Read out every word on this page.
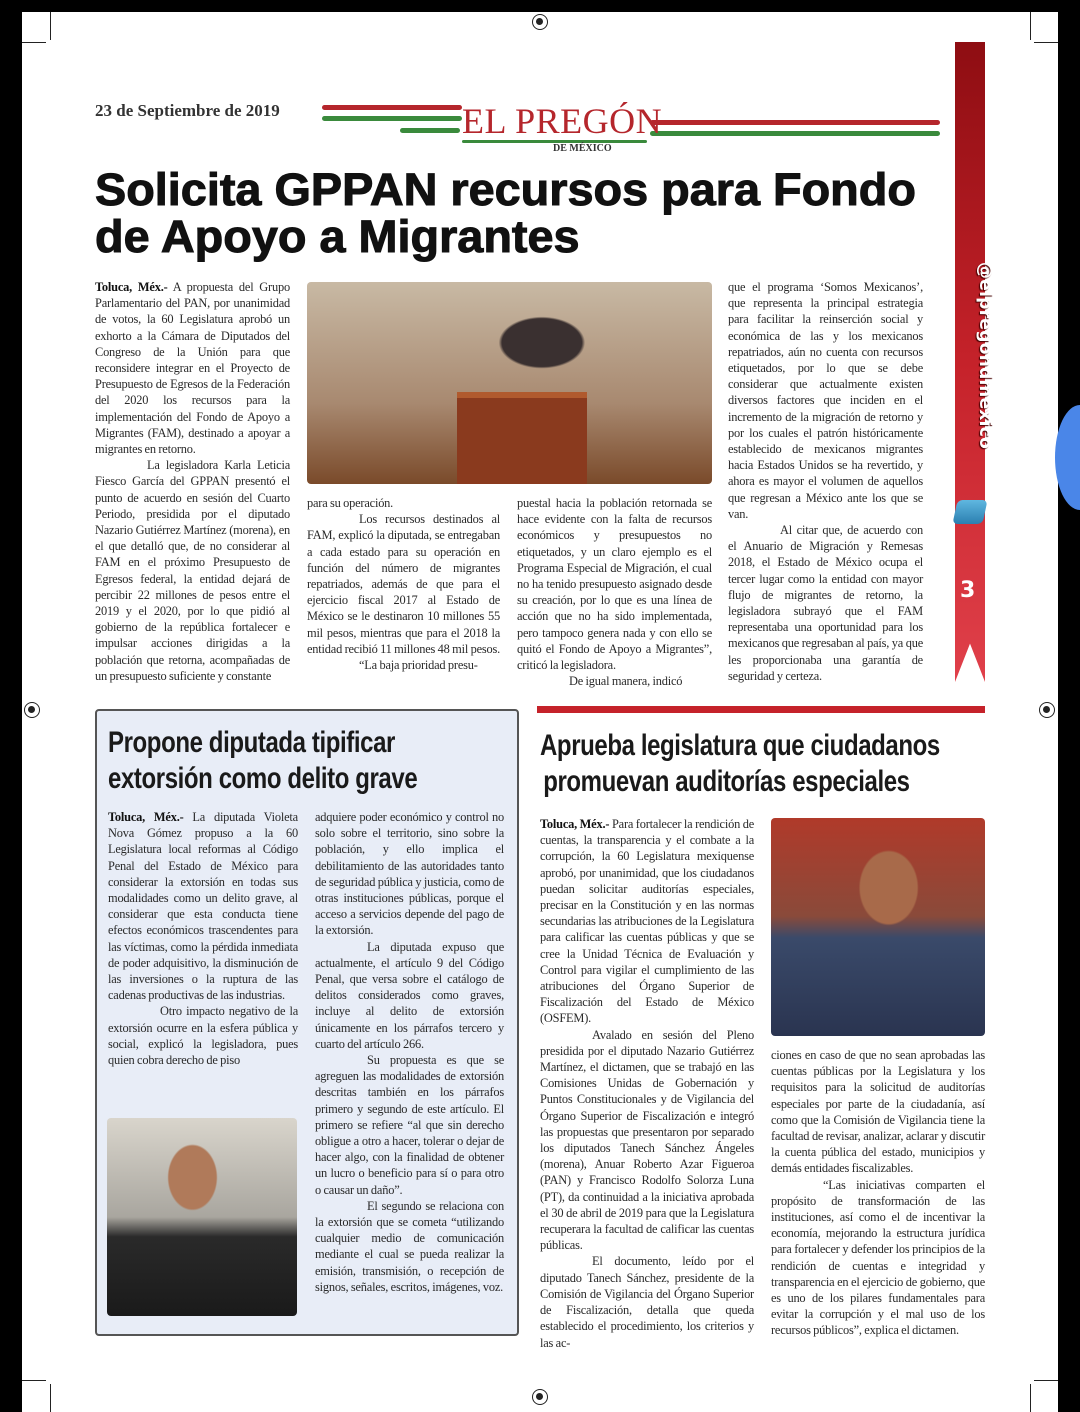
23 de Septiembre de 2019	EL PREGÓN
DE MÉXICO
@elpregondmexico
3
Solicita GPPAN recursos para Fondo de Apoyo a Migrantes

Toluca, Méx.- A propuesta del Grupo Parlamentario del PAN, por unanimidad de votos, la 60 Legislatura aprobó un exhorto a la Cámara de Diputados del Congreso de la Unión para que reconsidere integrar en el Proyecto de Presupuesto de Egresos de la Federación del 2020 los recursos para la implementación del Fondo de Apoyo a Migrantes (FAM), destinado a apoyar a migrantes en retorno.

La legisladora Karla Leticia Fiesco García del GPPAN presentó el punto de acuerdo en sesión del Cuarto Periodo, presidida por el diputado Nazario Gutiérrez Martínez (morena), en el que detalló que, de no considerar al FAM en el próximo Presupuesto de Egresos federal, la entidad dejará de percibir 22 millones de pesos entre el 2019 y el 2020, por lo que pidió al gobierno de la república fortalecer e impulsar acciones dirigidas a la población que retorna, acompañadas de un presupuesto suficiente y constante

para su operación.

Los recursos destinados al FAM, explicó la diputada, se entregaban a cada estado para su operación en función del número de migrantes repatriados, además de que para el ejercicio fiscal 2017 al Estado de México se le destinaron 10 millones 55 mil pesos, mientras que para el 2018 la entidad recibió 11 millones 48 mil pesos.

“La baja prioridad presu-

puestal hacia la población retornada se hace evidente con la falta de recursos económicos y presupuestos no etiquetados, y un claro ejemplo es el Programa Especial de Migración, el cual no ha tenido presupuesto asignado desde su creación, por lo que es una línea de acción que no ha sido implementada, pero tampoco genera nada y con ello se quitó el Fondo de Apoyo a Migrantes”, criticó la legisladora.

De igual manera, indicó

que el programa ‘Somos Mexicanos’, que representa la principal estrategia para facilitar la reinserción social y económica de las y los mexicanos repatriados, aún no cuenta con recursos etiquetados, por lo que se debe considerar que actualmente existen diversos factores que inciden en el incremento de la migración de retorno y por los cuales el patrón históricamente establecido de mexicanos migrantes hacia Estados Unidos se ha revertido, y ahora es mayor el volumen de aquellos que regresan a México ante los que se van.

Al citar que, de acuerdo con el Anuario de Migración y Remesas 2018, el Estado de México ocupa el tercer lugar como la entidad con mayor flujo de migrantes de retorno, la legisladora subrayó que el FAM representaba una oportunidad para los mexicanos que regresaban al país, ya que les proporcionaba una garantía de seguridad y certeza.

Propone diputada tipificar
extorsión como delito grave

Toluca, Méx.- La diputada Violeta Nova Gómez propuso a la 60 Legislatura local reformas al Código Penal del Estado de México para considerar la extorsión en todas sus modalidades como un delito grave, al considerar que esta conducta tiene efectos económicos trascendentes para las víctimas, como la pérdida inmediata de poder adquisitivo, la disminución de las inversiones o la ruptura de las cadenas productivas de las industrias.

Otro impacto negativo de la extorsión ocurre en la esfera pública y social, explicó la legisladora, pues quien cobra derecho de piso

adquiere poder económico y control no solo sobre el territorio, sino sobre la población, y ello implica el debilitamiento de las autoridades tanto de seguridad pública y justicia, como de otras instituciones públicas, porque el acceso a servicios depende del pago de la extorsión.

La diputada expuso que actualmente, el artículo 9 del Código Penal, que versa sobre el catálogo de delitos considerados como graves, incluye al delito de extorsión únicamente en los párrafos tercero y cuarto del artículo 266.

Su propuesta es que se agreguen las modalidades de extorsión descritas también en los párrafos primero y segundo de este artículo. El primero se refiere “al que sin derecho obligue a otro a hacer, tolerar o dejar de hacer algo, con la finalidad de obtener un lucro o beneficio para sí o para otro o causar un daño”.

El segundo se relaciona con la extorsión que se cometa “utilizando cualquier medio de comunicación mediante el cual se pueda realizar la emisión, transmisión, o recepción de signos, señales, escritos, imágenes, voz.

Aprueba legislatura que ciudadanos
promuevan auditorías especiales

Toluca, Méx.- Para fortalecer la rendición de cuentas, la transparencia y el combate a la corrupción, la 60 Legislatura mexiquense aprobó, por unanimidad, que los ciudadanos puedan solicitar auditorías especiales, precisar en la Constitución y en las normas secundarias las atribuciones de la Legislatura para calificar las cuentas públicas y que se cree la Unidad Técnica de Evaluación y Control para vigilar el cumplimiento de las atribuciones del Órgano Superior de Fiscalización del Estado de México (OSFEM).

Avalado en sesión del Pleno presidida por el diputado Nazario Gutiérrez Martínez, el dictamen, que se trabajó en las Comisiones Unidas de Gobernación y Puntos Constitucionales y de Vigilancia del Órgano Superior de Fiscalización e integró las propuestas que presentaron por separado los diputados Tanech Sánchez Ángeles (morena), Anuar Roberto Azar Figueroa (PAN) y Francisco Rodolfo Solorza Luna (PT), da continuidad a la iniciativa aprobada el 30 de abril de 2019 para que la Legislatura recuperara la facultad de calificar las cuentas públicas.

El documento, leído por el diputado Tanech Sánchez, presidente de la Comisión de Vigilancia del Órgano Superior de Fiscalización, detalla que queda establecido el procedimiento, los criterios y las ac-

ciones en caso de que no sean aprobadas las cuentas públicas por la Legislatura y los requisitos para la solicitud de auditorías especiales por parte de la ciudadanía, así como que la Comisión de Vigilancia tiene la facultad de revisar, analizar, aclarar y discutir la cuenta pública del estado, municipios y demás entidades fiscalizables.

“Las iniciativas comparten el propósito de transformación de las instituciones, así como el de incentivar la economía, mejorando la estructura jurídica para fortalecer y defender los principios de la rendición de cuentas e integridad y transparencia en el ejercicio de gobierno, que es uno de los pilares fundamentales para evitar la corrupción y el mal uso de los recursos públicos”, explica el dictamen.
